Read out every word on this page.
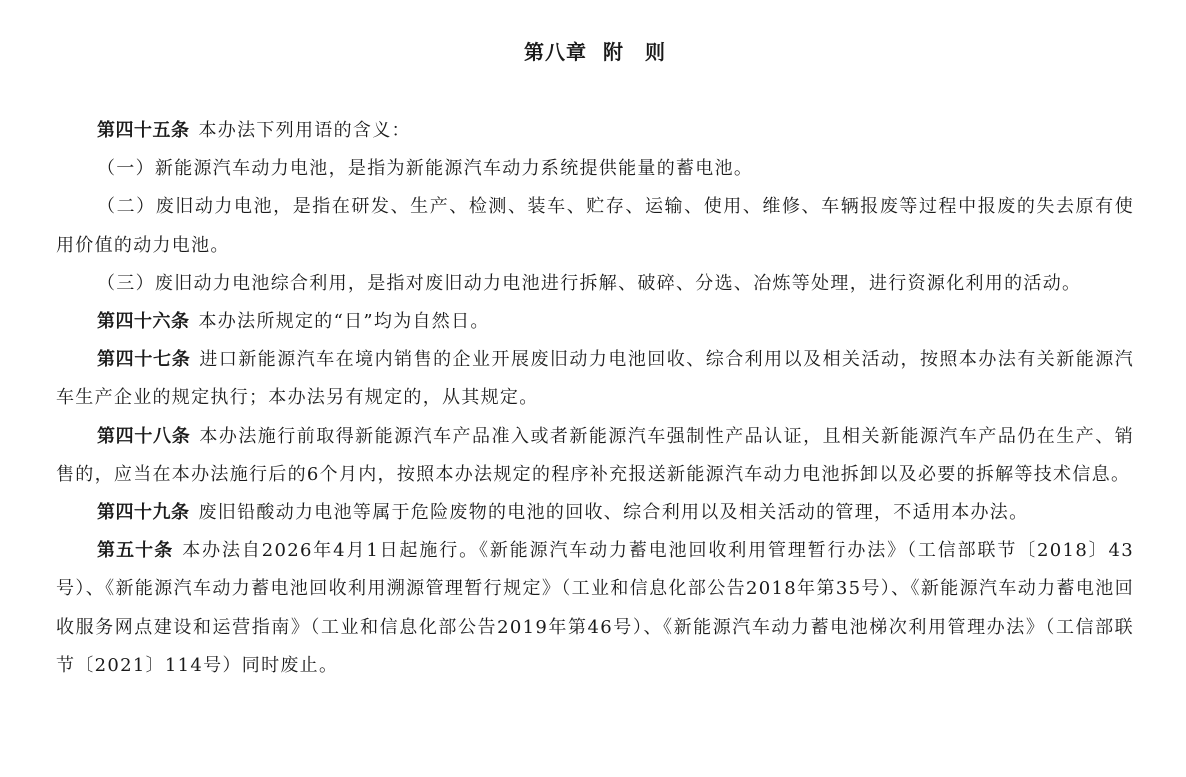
第八章 附　则

第四十五条 本办法下列用语的含义：

（一）新能源汽车动力电池，是指为新能源汽车动力系统提供能量的蓄电池。

（二）废旧动力电池，是指在研发、生产、检测、装车、贮存、运输、使用、维修、车辆报废等过程中报废的失去原有使用价值的动力电池。

（三）废旧动力电池综合利用，是指对废旧动力电池进行拆解、破碎、分选、冶炼等处理，进行资源化利用的活动。

第四十六条 本办法所规定的“日”均为自然日。

第四十七条 进口新能源汽车在境内销售的企业开展废旧动力电池回收、综合利用以及相关活动，按照本办法有关新能源汽车生产企业的规定执行；本办法另有规定的，从其规定。

第四十八条 本办法施行前取得新能源汽车产品准入或者新能源汽车强制性产品认证，且相关新能源汽车产品仍在生产、销售的，应当在本办法施行后的6个月内，按照本办法规定的程序补充报送新能源汽车动力电池拆卸以及必要的拆解等技术信息。

第四十九条 废旧铅酸动力电池等属于危险废物的电池的回收、综合利用以及相关活动的管理，不适用本办法。

第五十条 本办法自2026年4月1日起施行。《新能源汽车动力蓄电池回收利用管理暂行办法》（工信部联节〔2018〕43号）、《新能源汽车动力蓄电池回收利用溯源管理暂行规定》（工业和信息化部公告2018年第35号）、《新能源汽车动力蓄电池回收服务网点建设和运营指南》（工业和信息化部公告2019年第46号）、《新能源汽车动力蓄电池梯次利用管理办法》（工信部联节〔2021〕114号）同时废止。
